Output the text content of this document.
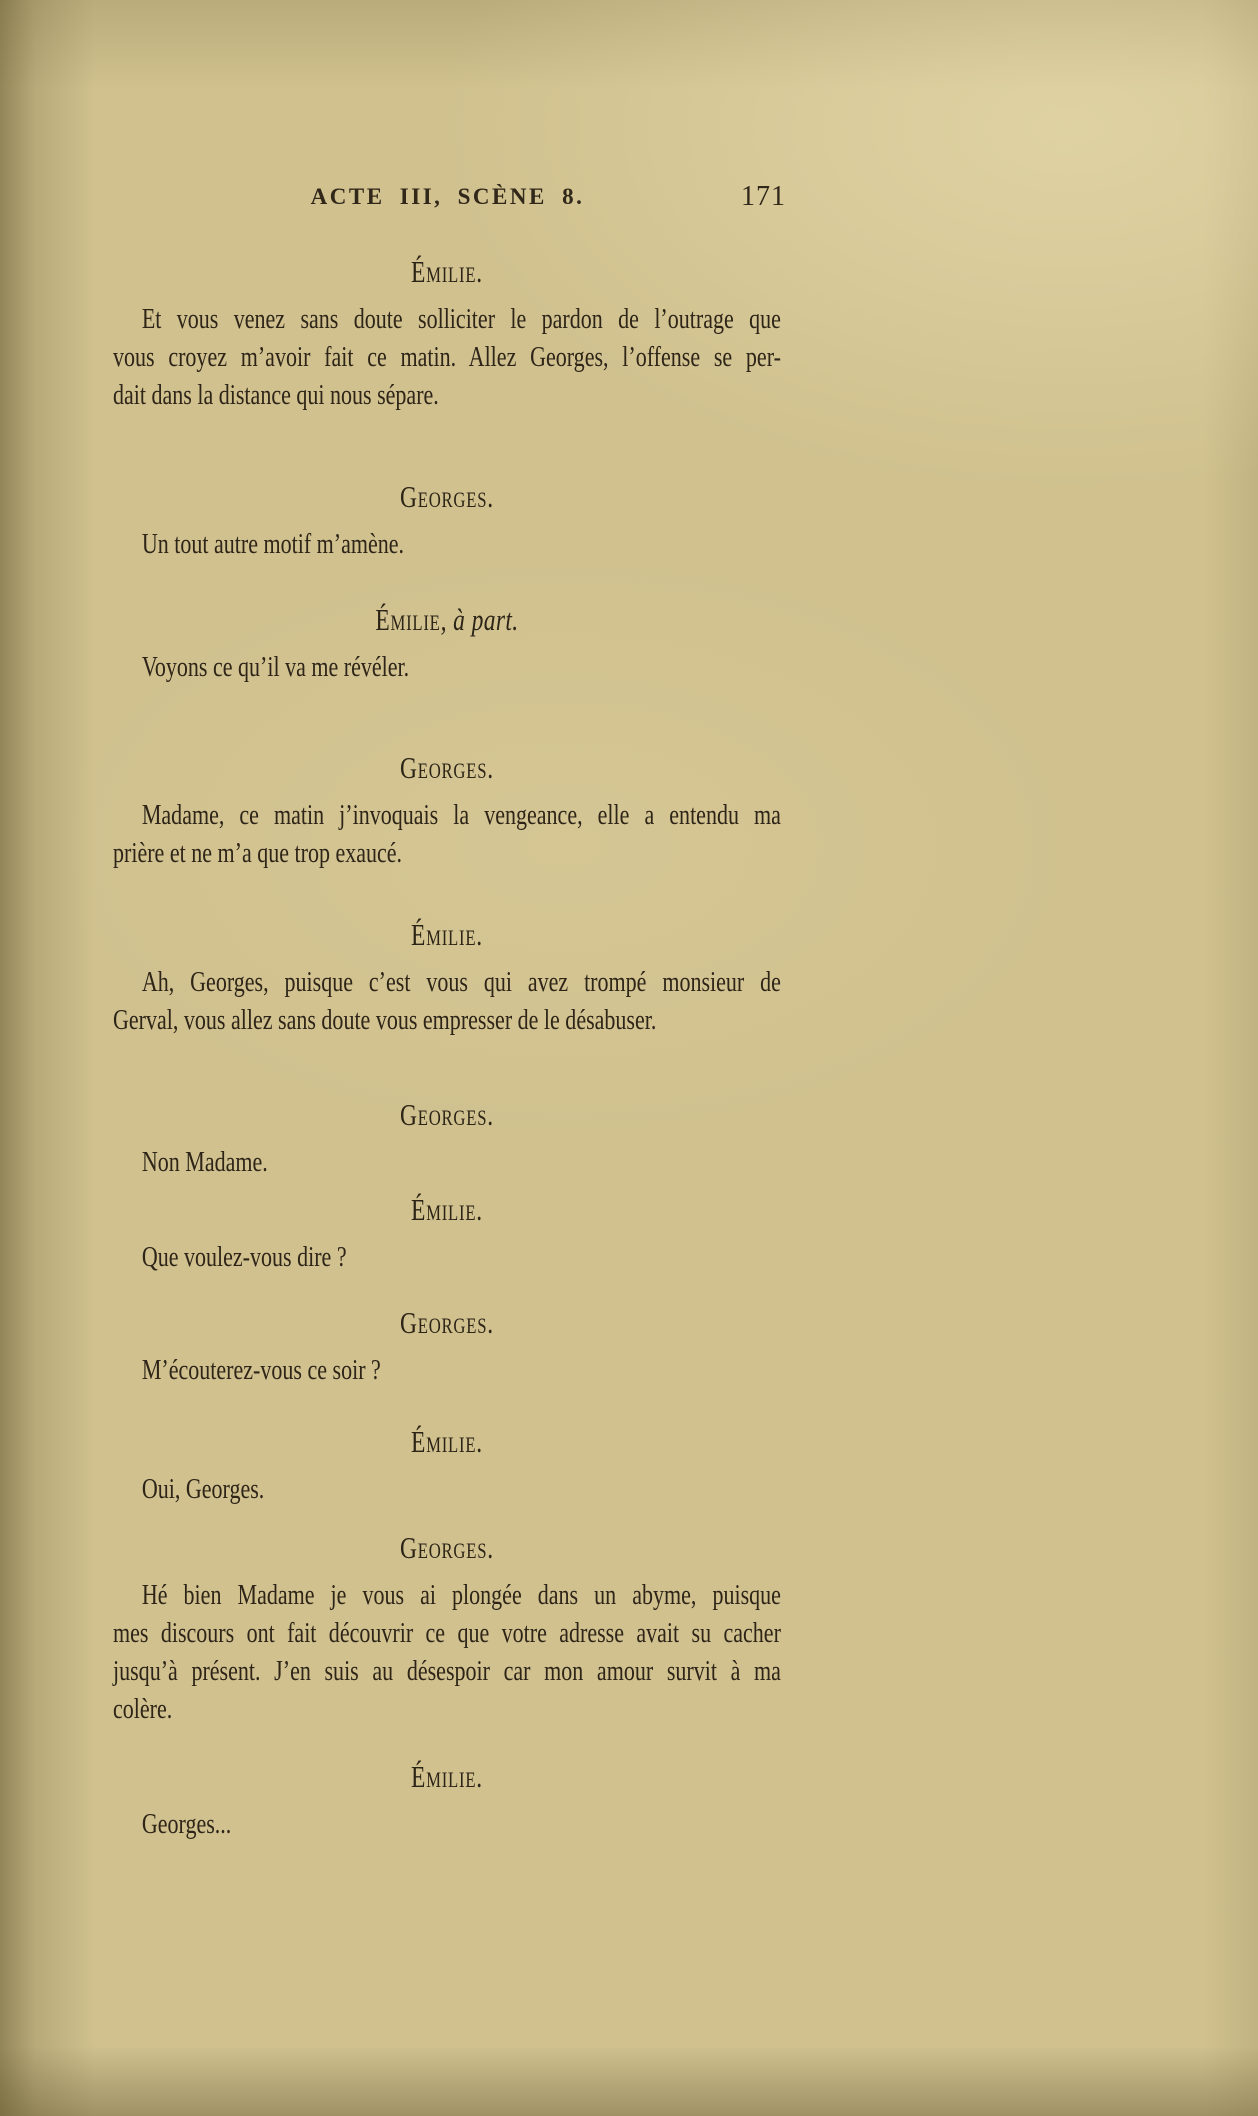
ACTE III, SCÈNE 8.	171
Émilie.
Et vous venez sans doute solliciter le pardon de l’outrage que
vous croyez m’avoir fait ce matin. Allez Georges, l’offense se per-
dait dans la distance qui nous sépare.
Georges.
Un tout autre motif m’amène.
Émilie, à part.
Voyons ce qu’il va me révéler.
Georges.
Madame, ce matin j’invoquais la vengeance, elle a entendu ma
prière et ne m’a que trop exaucé.
Émilie.
Ah, Georges, puisque c’est vous qui avez trompé monsieur de
Gerval, vous allez sans doute vous empresser de le désabuser.
Georges.
Non Madame.
Émilie.
Que voulez-vous dire ?
Georges.
M’écouterez-vous ce soir ?
Émilie.
Oui, Georges.
Georges.
Hé bien Madame je vous ai plongée dans un abyme, puisque
mes discours ont fait découvrir ce que votre adresse avait su cacher
jusqu’à présent. J’en suis au désespoir car mon amour survit à ma
colère.
Émilie.
Georges...
